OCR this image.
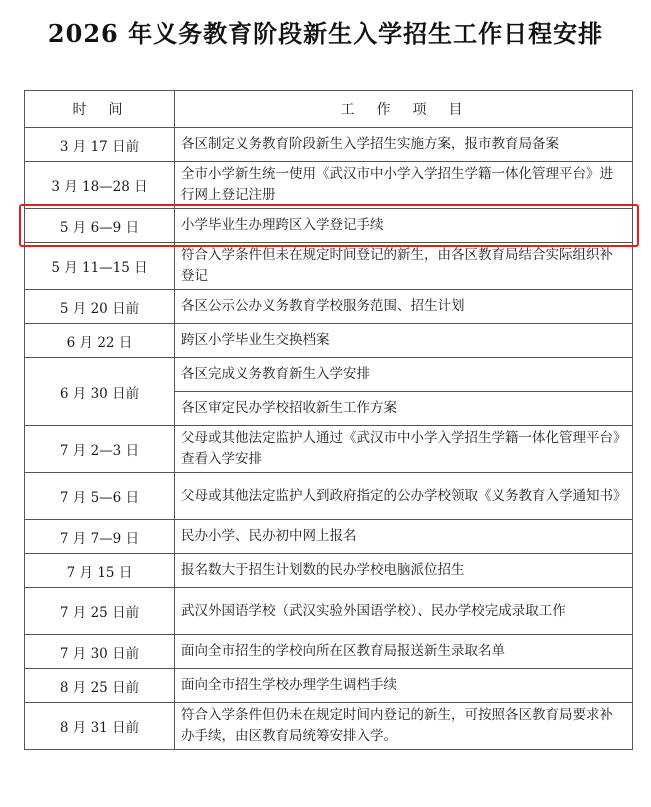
2026 年义务教育阶段新生入学招生工作日程安排
时　间	工　作　项　目
3 月 17 日前	各区制定义务教育阶段新生入学招生实施方案，报市教育局备案
3 月 18—28 日	全市小学新生统一使用《武汉市中小学入学招生学籍一体化管理平台》进行网上登记注册
5 月 6—9 日	小学毕业生办理跨区入学登记手续
5 月 11—15 日	符合入学条件但未在规定时间登记的新生，由各区教育局结合实际组织补登记
5 月 20 日前	各区公示公办义务教育学校服务范围、招生计划
6 月 22 日	跨区小学毕业生交换档案
6 月 30 日前	各区完成义务教育新生入学安排
	各区审定民办学校招收新生工作方案
7 月 2—3 日	父母或其他法定监护人通过《武汉市中小学入学招生学籍一体化管理平台》查看入学安排
7 月 5—6 日	父母或其他法定监护人到政府指定的公办学校领取《义务教育入学通知书》
7 月 7—9 日	民办小学、民办初中网上报名
7 月 15 日	报名数大于招生计划数的民办学校电脑派位招生
7 月 25 日前	武汉外国语学校（武汉实验外国语学校）、民办学校完成录取工作
7 月 30 日前	面向全市招生的学校向所在区教育局报送新生录取名单
8 月 25 日前	面向全市招生学校办理学生调档手续
8 月 31 日前	符合入学条件但仍未在规定时间内登记的新生，可按照各区教育局要求补办手续，由区教育局统筹安排入学。
